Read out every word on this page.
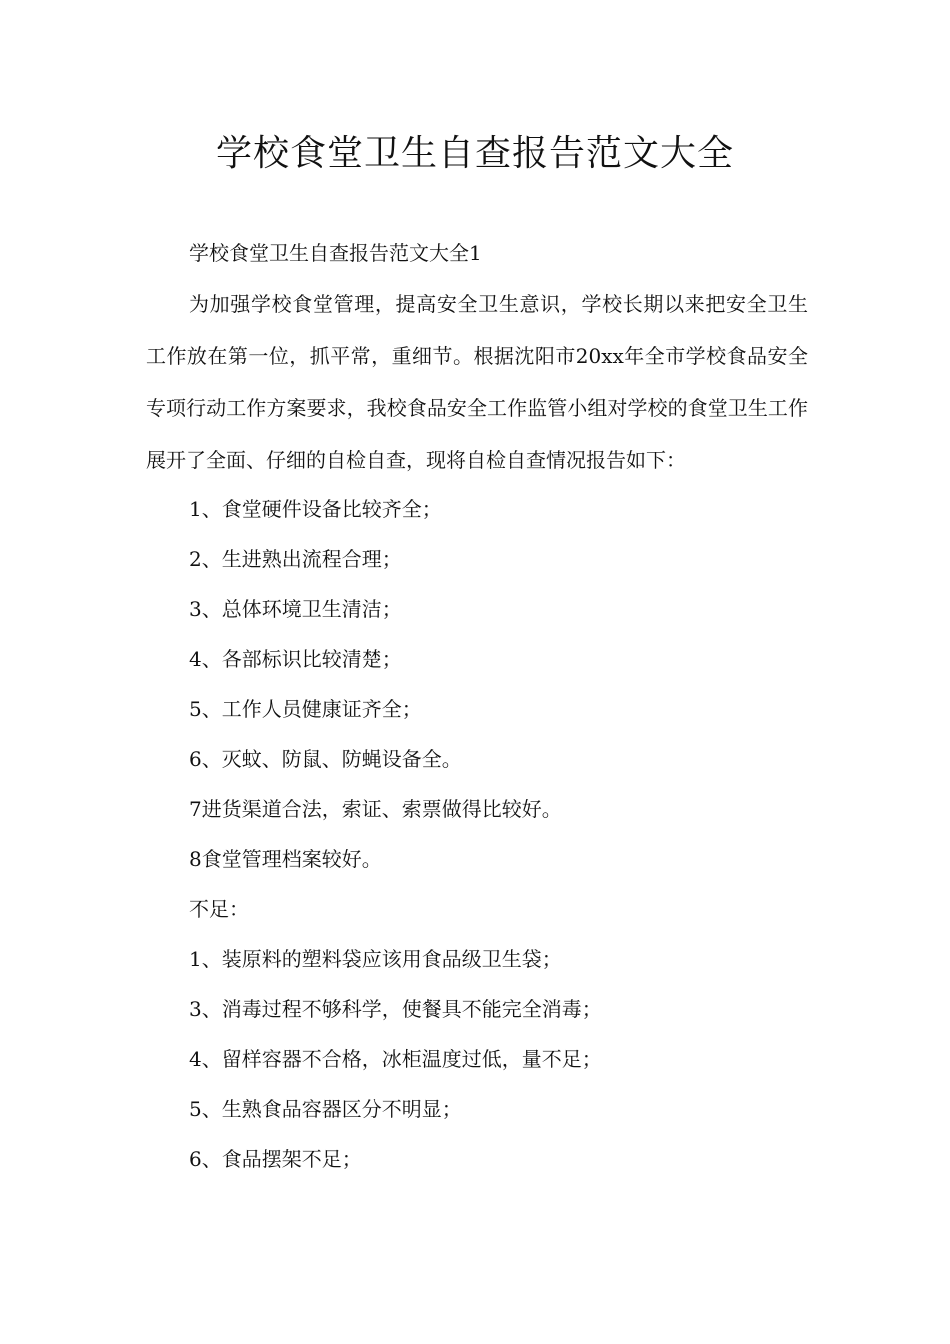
学校食堂卫生自查报告范文大全

学校食堂卫生自查报告范文大全1

为加强学校食堂管理，提高安全卫生意识，学校长期以来把安全卫生工作放在第一位，抓平常，重细节。根据沈阳市20xx年全市学校食品安全专项行动工作方案要求，我校食品安全工作监管小组对学校的食堂卫生工作展开了全面、仔细的自检自查，现将自检自查情况报告如下：

1、食堂硬件设备比较齐全；

2、生进熟出流程合理；

3、总体环境卫生清洁；

4、各部标识比较清楚；

5、工作人员健康证齐全；

6、灭蚊、防鼠、防蝇设备全。

7进货渠道合法，索证、索票做得比较好。

8食堂管理档案较好。

不足：

1、装原料的塑料袋应该用食品级卫生袋；

3、消毒过程不够科学，使餐具不能完全消毒；

4、留样容器不合格，冰柜温度过低，量不足；

5、生熟食品容器区分不明显；

6、食品摆架不足；
